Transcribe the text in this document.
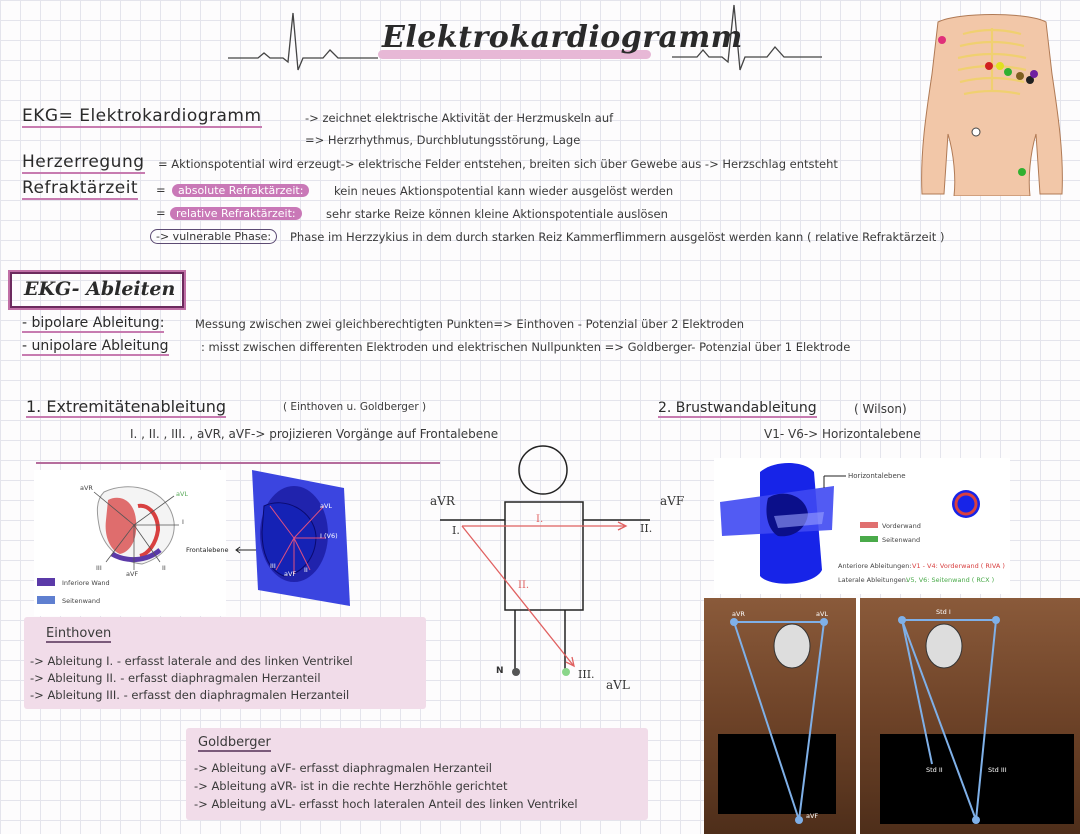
Elektrokardiogramm
EKG= Elektrokardiogramm	-> zeichnet elektrische Aktivität der Herzmuskeln auf
=> Herzrhythmus, Durchblutungsstörung, Lage
Herzerregung = Aktionspotential wird erzeugt-> elektrische Felder entstehen, breiten sich über Gewebe aus -> Herzschlag entsteht
Refraktärzeit =	absolute Refraktärzeit:	kein neues Aktionspotential kann wieder ausgelöst werden
= relative Refraktärzeit:	sehr starke Reize können kleine Aktionspotentiale auslösen
-> vulnerable Phase:	Phase im Herzzykius in dem durch starken Reiz Kammerflimmern ausgelöst werden kann ( relative Refraktärzeit )
EKG- Ableiten
- bipolare Ableitung:	Messung zwischen zwei gleichberechtigten Punkten=> Einthoven - Potenzial über 2 Elektroden
- unipolare Ableitung	: misst zwischen differenten Elektroden und elektrischen Nullpunkten => Goldberger- Potenzial über 1 Elektrode
1. Extremitätenableitung	( Einthoven u. Goldberger )
I. , II. , III. , aVR, aVF-> projizieren Vorgänge auf Frontalebene
2. Brustwandableitung	( Wilson)
V1- V6-> Horizontalebene
aVR
aVL
I
III
aVF
II
Inferiore Wand
Seitenwand
Frontalebene
aVL
I (V6)
III
aVF II
aVR	aVF
I.
I.
II.
II.
III.
aVL
N
Horizontalebene
Vorderwand
Seitenwand
Anteriore Ableitungen: V1 - V4: Vorderwand ( RIVA )
Laterale Ableitungen:
V5, V6: Seitenwand ( RCX )
aVR	aVL
aVF
Std I
Std II	Std III
Einthoven
-> Ableitung I. - erfasst laterale and des linken Ventrikel
-> Ableitung II. - erfasst diaphragmalen Herzanteil
-> Ableitung III. - erfasst den diaphragmalen Herzanteil
Goldberger
-> Ableitung aVF- erfasst diaphragmalen Herzanteil
-> Ableitung aVR- ist in die rechte Herzhöhle gerichtet
-> Ableitung aVL- erfasst hoch lateralen Anteil des linken Ventrikel
